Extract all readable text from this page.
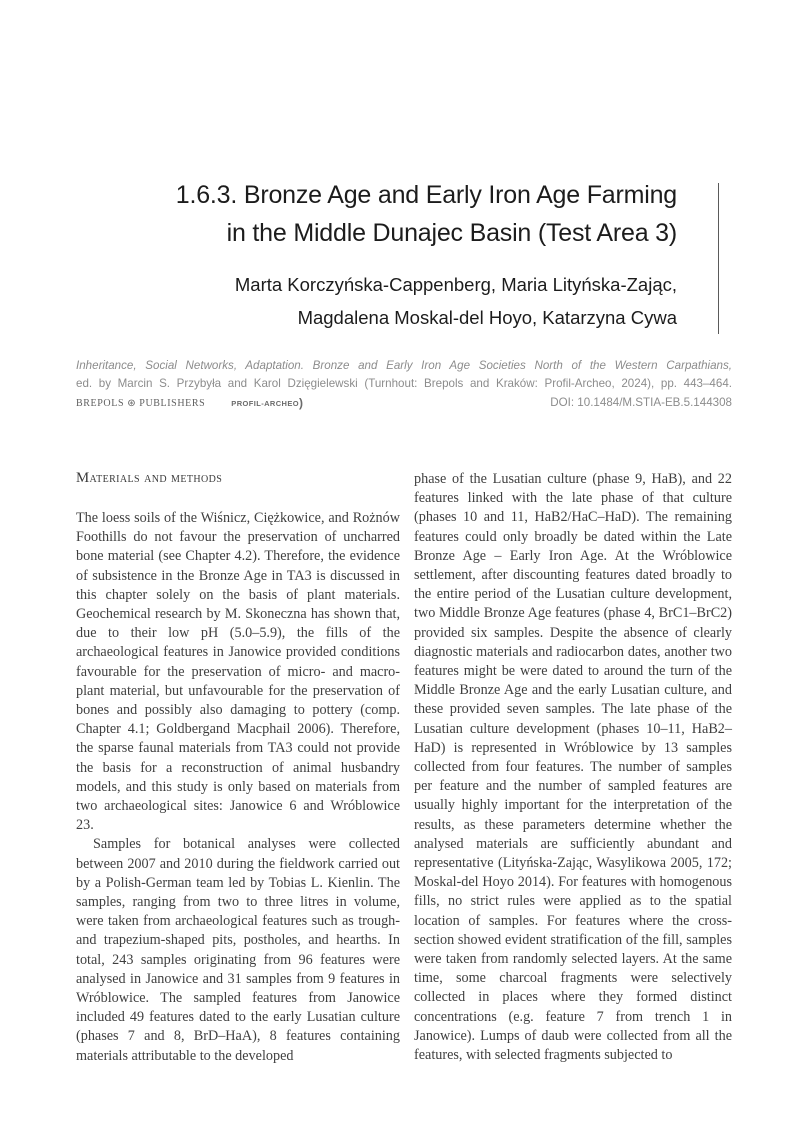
1.6.3. Bronze Age and Early Iron Age Farming
in the Middle Dunajec Basin (Test Area 3)
Marta Korczyńska-Cappenberg, Maria Lityńska-Zając,
Magdalena Moskal-del Hoyo, Katarzyna Cywa
Inheritance, Social Networks, Adaptation. Bronze and Early Iron Age Societies North of the Western Carpathians,
ed. by Marcin S. Przybyła and Karol Dzięgielewski (Turnhout: Brepols and Kraków: Profil-Archeo, 2024), pp. 443–464.
BREPOLS ⊛ PUBLISHERS	PROFIL-ARCHEO)	DOI: 10.1484/M.STIA-EB.5.144308
Materials and methods

The loess soils of the Wiśnicz, Ciężkowice, and Rożnów Foothills do not favour the preservation of uncharred bone material (see Chapter 4.2). Therefore, the evidence of subsistence in the Bronze Age in TA3 is discussed in this chapter solely on the basis of plant materials. Geochemical research by M. Skoneczna has shown that, due to their low pH (5.0–5.9), the fills of the archaeological features in Janowice provided conditions favourable for the preservation of micro- and macro-plant material, but unfavourable for the preservation of bones and possibly also damaging to pottery (comp. Chapter 4.1; Goldbergand Macphail 2006). Therefore, the sparse faunal materials from TA3 could not provide the basis for a reconstruction of animal husbandry models, and this study is only based on materials from two archaeological sites: Janowice 6 and Wróblowice 23.

Samples for botanical analyses were collected between 2007 and 2010 during the fieldwork carried out by a Polish-German team led by Tobias L. Kienlin. The samples, ranging from two to three litres in volume, were taken from archaeological features such as trough- and trapezium-shaped pits, postholes, and hearths. In total, 243 samples originating from 96 features were analysed in Janowice and 31 samples from 9 features in Wróblowice. The sampled features from Janowice included 49 features dated to the early Lusatian culture (phases 7 and 8, BrD–HaA), 8 features containing materials attributable to the developed

phase of the Lusatian culture (phase 9, HaB), and 22 features linked with the late phase of that culture (phases 10 and 11, HaB2/HaC–HaD). The remaining features could only broadly be dated within the Late Bronze Age – Early Iron Age. At the Wróblowice settlement, after discounting features dated broadly to the entire period of the Lusatian culture development, two Middle Bronze Age features (phase 4, BrC1–BrC2) provided six samples. Despite the absence of clearly diagnostic materials and radiocarbon dates, another two features might be were dated to around the turn of the Middle Bronze Age and the early Lusatian culture, and these provided seven samples. The late phase of the Lusatian culture development (phases 10–11, HaB2–HaD) is represented in Wróblowice by 13 samples collected from four features. The number of samples per feature and the number of sampled features are usually highly important for the interpretation of the results, as these parameters determine whether the analysed materials are sufficiently abundant and representative (Lityńska-Zając, Wasylikowa 2005, 172; Moskal-del Hoyo 2014). For features with homogenous fills, no strict rules were applied as to the spatial location of samples. For features where the cross-section showed evident stratification of the fill, samples were taken from randomly selected layers. At the same time, some charcoal fragments were selectively collected in places where they formed distinct concentrations (e.g. feature 7 from trench 1 in Janowice). Lumps of daub were collected from all the features, with selected fragments subjected to
